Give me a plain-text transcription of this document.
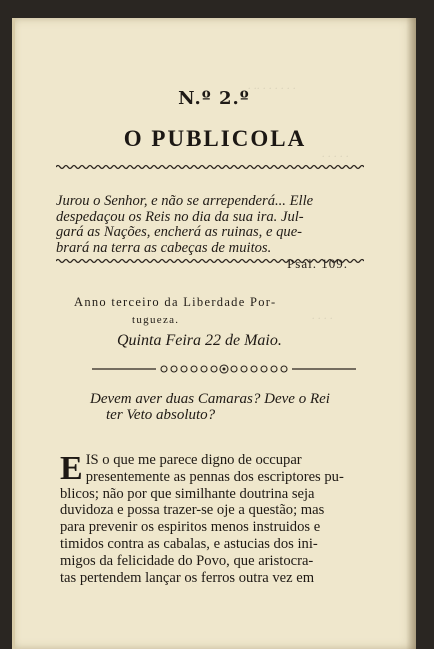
. .. . . . . . .
. . . . .
. . . .
N.º 2.º
O PUBLICOLA
Jurou o Senhor, e não se arrependerá... Elle
despedaçou os Reis no dia da sua ira. Jul-
gará as Nações, encherá as ruinas, e que-
brará na terra as cabeças de muitos.
Psal. 109.
Anno terceiro da Liberdade Por-
tugueza.
Quinta Feira 22 de Maio.
Devem aver duas Camaras? Deve o Rei
ter Veto absoluto?
E IS o que me parece digno de occupar
presentemente as pennas dos escriptores pu-
blicos; não por que similhante doutrina seja
duvidoza e possa trazer-se oje a questão; mas
para prevenir os espiritos menos instruidos e
timidos contra as cabalas, e astucias dos ini-
migos da felicidade do Povo, que aristocra-
tas pertendem lançar os ferros outra vez em
